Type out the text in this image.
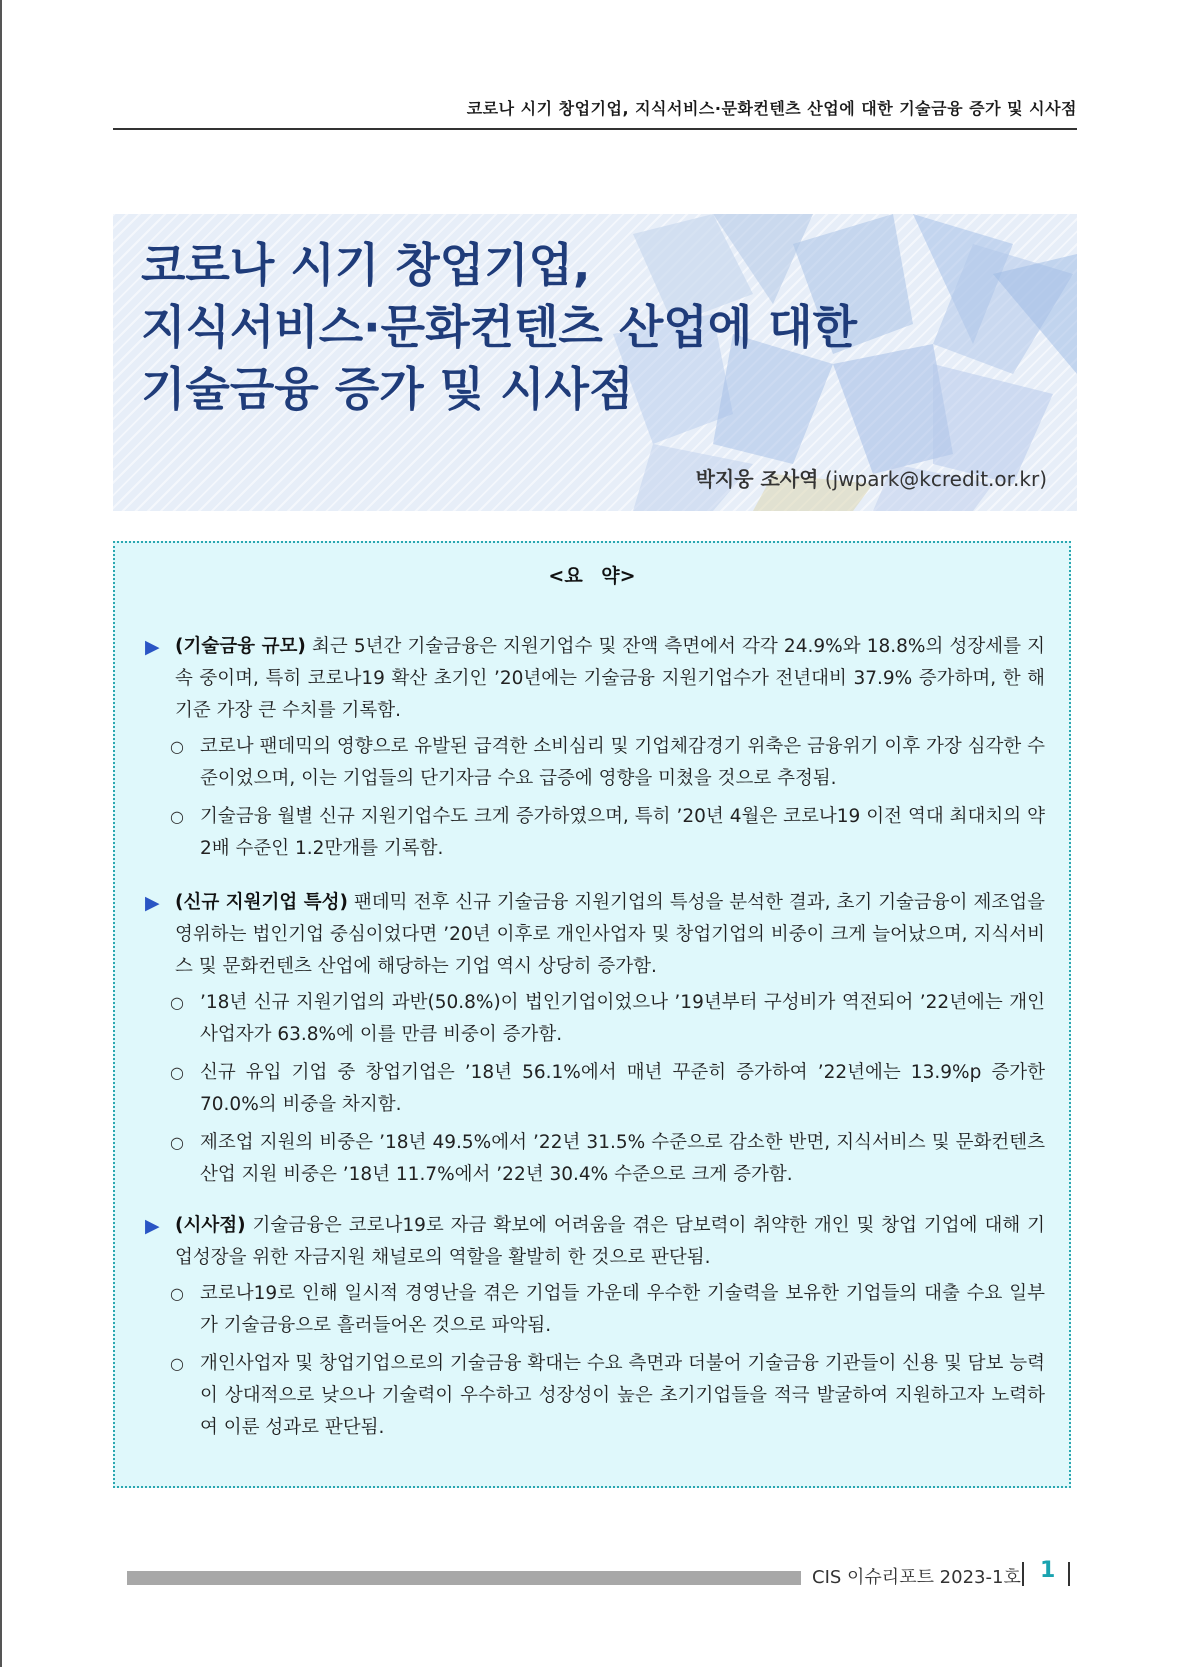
코로나 시기 창업기업, 지식서비스·문화컨텐츠 산업에 대한 기술금융 증가 및 시사점
코로나 시기 창업기업,
지식서비스·문화컨텐츠 산업에 대한
기술금융 증가 및 시사점
박지웅 조사역 (jwpark@kcredit.or.kr)
<요 약>
▶ (기술금융 규모) 최근 5년간 기술금융은 지원기업수 및 잔액 측면에서 각각 24.9%와 18.8%의 성장세를 지속 중이며, 특히 코로나19 확산 초기인 ’20년에는 기술금융 지원기업수가 전년대비 37.9% 증가하며, 한 해 기준 가장 큰 수치를 기록함.
○ 코로나 팬데믹의 영향으로 유발된 급격한 소비심리 및 기업체감경기 위축은 금융위기 이후 가장 심각한 수준이었으며, 이는 기업들의 단기자금 수요 급증에 영향을 미쳤을 것으로 추정됨.
○ 기술금융 월별 신규 지원기업수도 크게 증가하였으며, 특히 ’20년 4월은 코로나19 이전 역대 최대치의 약 2배 수준인 1.2만개를 기록함.
▶ (신규 지원기업 특성) 팬데믹 전후 신규 기술금융 지원기업의 특성을 분석한 결과, 초기 기술금융이 제조업을 영위하는 법인기업 중심이었다면 ’20년 이후로 개인사업자 및 창업기업의 비중이 크게 늘어났으며, 지식서비스 및 문화컨텐츠 산업에 해당하는 기업 역시 상당히 증가함.
○ ’18년 신규 지원기업의 과반(50.8%)이 법인기업이었으나 ’19년부터 구성비가 역전되어 ’22년에는 개인사업자가 63.8%에 이를 만큼 비중이 증가함.
○ 신규 유입 기업 중 창업기업은 ’18년 56.1%에서 매년 꾸준히 증가하여 ’22년에는 13.9%p 증가한 70.0%의 비중을 차지함.
○ 제조업 지원의 비중은 ’18년 49.5%에서 ’22년 31.5% 수준으로 감소한 반면, 지식서비스 및 문화컨텐츠 산업 지원 비중은 ’18년 11.7%에서 ’22년 30.4% 수준으로 크게 증가함.
▶ (시사점) 기술금융은 코로나19로 자금 확보에 어려움을 겪은 담보력이 취약한 개인 및 창업 기업에 대해 기업성장을 위한 자금지원 채널로의 역할을 활발히 한 것으로 판단됨.
○ 코로나19로 인해 일시적 경영난을 겪은 기업들 가운데 우수한 기술력을 보유한 기업들의 대출 수요 일부가 기술금융으로 흘러들어온 것으로 파악됨.
○ 개인사업자 및 창업기업으로의 기술금융 확대는 수요 측면과 더불어 기술금융 기관들이 신용 및 담보 능력이 상대적으로 낮으나 기술력이 우수하고 성장성이 높은 초기기업들을 적극 발굴하여 지원하고자 노력하여 이룬 성과로 판단됨.
CIS 이슈리포트 2023-1호 1
